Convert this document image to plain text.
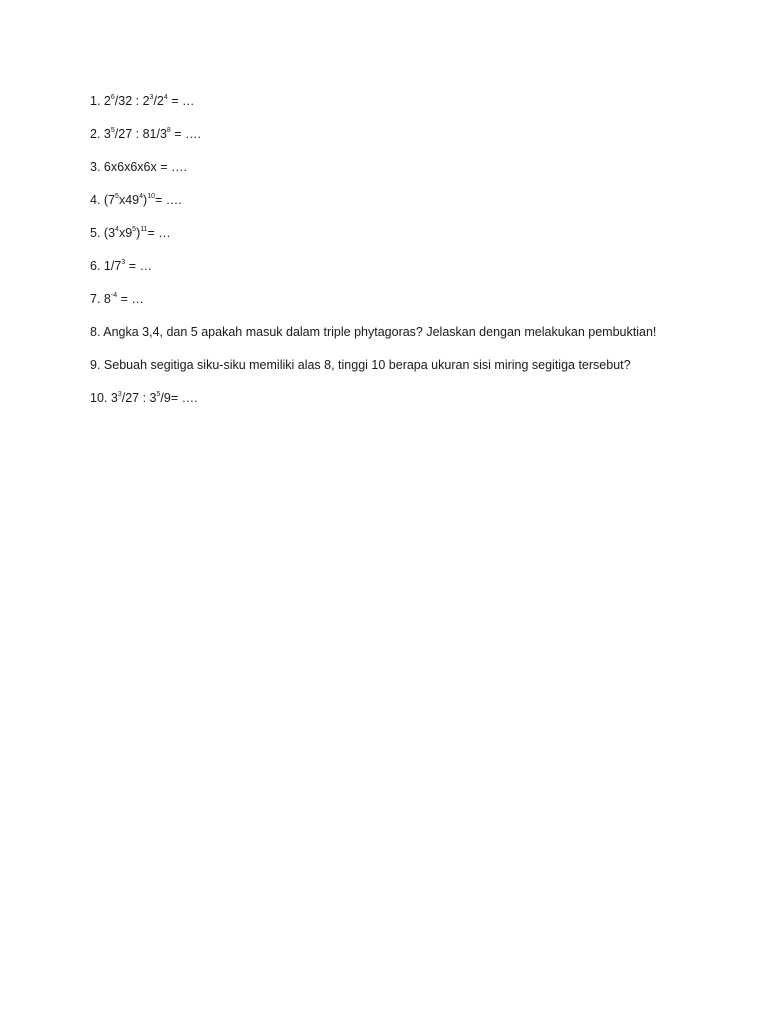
1. $2^6/32$ : $2^3/2^4$ = …
2. $3^5/27$ : $81/3^8$ = ….
3. 6x6x6x6x = ….
4. $(7^5x49^4)^{10}=$ ….
5. $(3^4x9^5)^{11}=$ …
6. $1/7^3$ = …
7. $8^{-4}$ = …
8. Angka 3,4, dan 5 apakah masuk dalam triple phytagoras? Jelaskan dengan melakukan pembuktian!
9. Sebuah segitiga siku-siku memiliki alas 8, tinggi 10 berapa ukuran sisi miring segitiga tersebut?
10. $3^3/27$ : $3^5/9=$ ….
